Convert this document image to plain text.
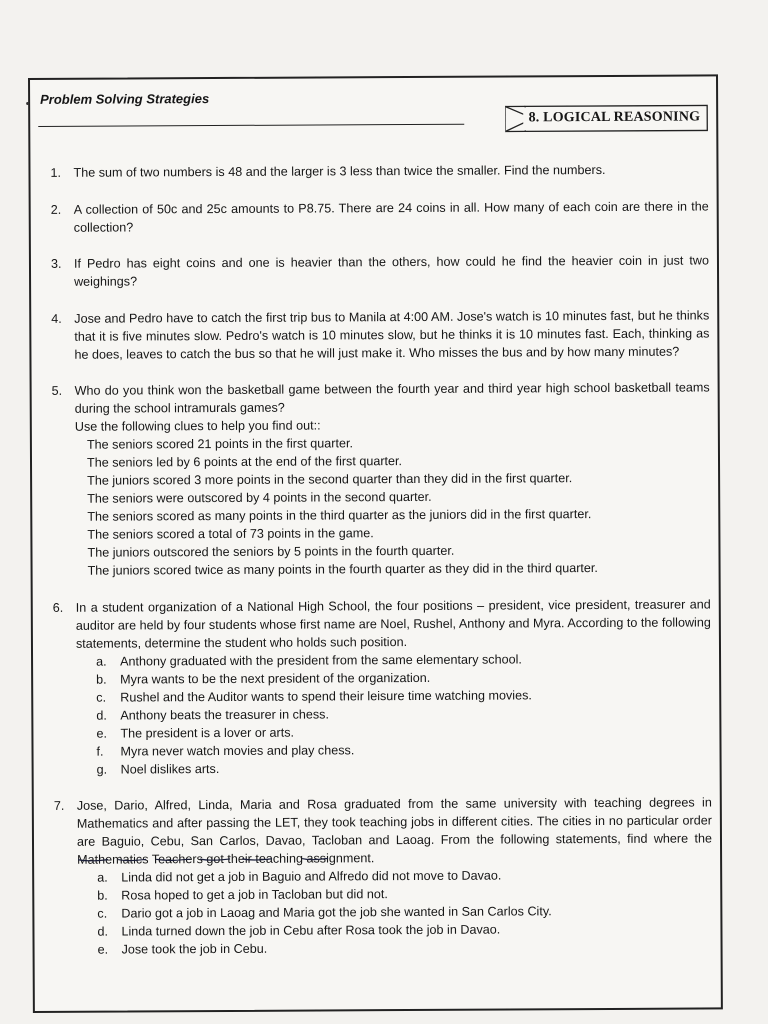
Problem Solving Strategies
8. LOGICAL REASONING
1. The sum of two numbers is 48 and the larger is 3 less than twice the smaller. Find the numbers.

2. A collection of 50c and 25c amounts to P8.75. There are 24 coins in all. How many of each coin are there in the collection?

3. If Pedro has eight coins and one is heavier than the others, how could he find the heavier coin in just two weighings?

4. Jose and Pedro have to catch the first trip bus to Manila at 4:00 AM. Jose's watch is 10 minutes fast, but he thinks that it is five minutes slow. Pedro's watch is 10 minutes slow, but he thinks it is 10 minutes fast. Each, thinking as he does, leaves to catch the bus so that he will just make it. Who misses the bus and by how many minutes?

5. Who do you think won the basketball game between the fourth year and third year high school basketball teams during the school intramurals games?

Use the following clues to help you find out::

The seniors scored 21 points in the first quarter.

The seniors led by 6 points at the end of the first quarter.

The juniors scored 3 more points in the second quarter than they did in the first quarter.

The seniors were outscored by 4 points in the second quarter.

The seniors scored as many points in the third quarter as the juniors did in the first quarter.

The seniors scored a total of 73 points in the game.

The juniors outscored the seniors by 5 points in the fourth quarter.

The juniors scored twice as many points in the fourth quarter as they did in the third quarter.

6. In a student organization of a National High School, the four positions – president, vice president, treasurer and auditor are held by four students whose first name are Noel, Rushel, Anthony and Myra. According to the following statements, determine the student who holds such position.

a. Anthony graduated with the president from the same elementary school.

b. Myra wants to be the next president of the organization.

c. Rushel and the Auditor wants to spend their leisure time watching movies.

d. Anthony beats the treasurer in chess.

e. The president is a lover or arts.

f. Myra never watch movies and play chess.

g. Noel dislikes arts.

7. Jose, Dario, Alfred, Linda, Maria and Rosa graduated from the same university with teaching degrees in Mathematics and after passing the LET, they took teaching jobs in different cities. The cities in no particular order are Baguio, Cebu, San Carlos, Davao, Tacloban and Laoag. From the following statements, find where the Mathematics Teachers got their teaching assignment.

a. Linda did not get a job in Baguio and Alfredo did not move to Davao.

b. Rosa hoped to get a job in Tacloban but did not.

c. Dario got a job in Laoag and Maria got the job she wanted in San Carlos City.

d. Linda turned down the job in Cebu after Rosa took the job in Davao.

e. Jose took the job in Cebu.
